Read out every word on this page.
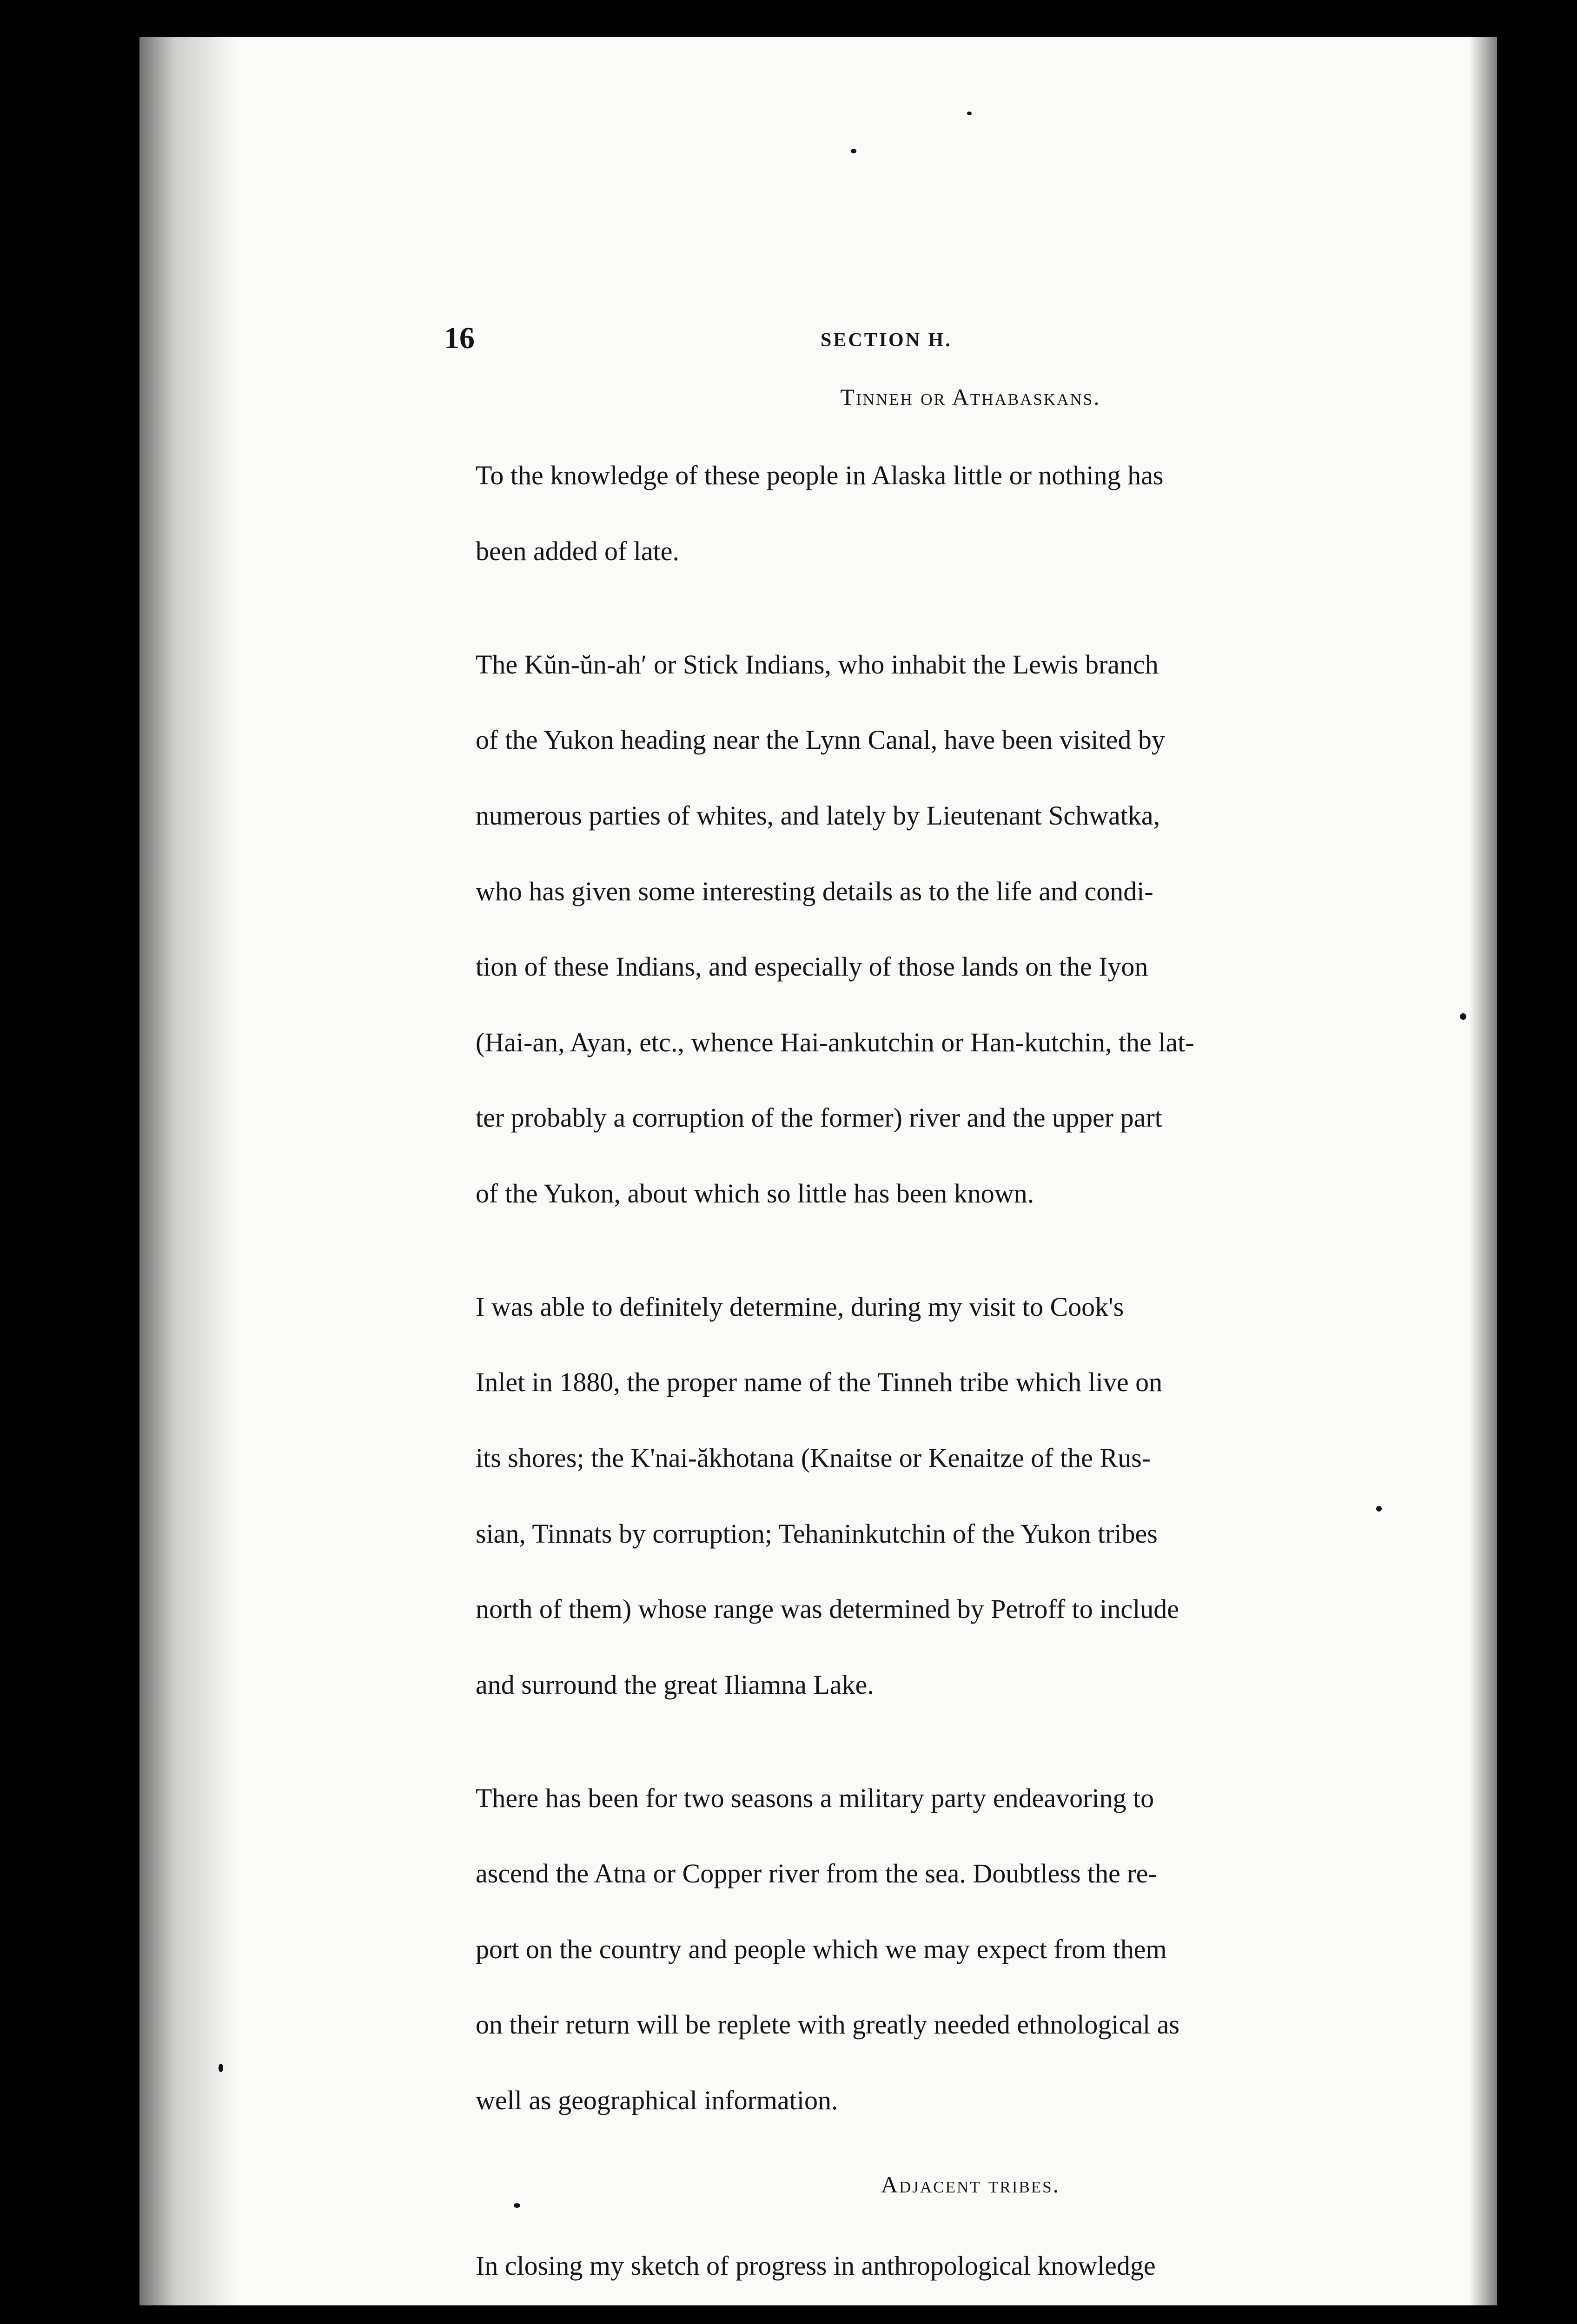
16	SECTION H.

Tinneh or Athabaskans.

To the knowledge of these people in Alaska little or nothing has

been added of late.

The Kŭn-ŭn-ah′ or Stick Indians, who inhabit the Lewis branch

of the Yukon heading near the Lynn Canal, have been visited by

numerous parties of whites, and lately by Lieutenant Schwatka,

who has given some interesting details as to the life and condi-

tion of these Indians, and especially of those lands on the Iyon

(Hai-an, Ayan, etc., whence Hai-ankutchin or Han-kutchin, the lat-

ter probably a corruption of the former) river and the upper part

of the Yukon, about which so little has been known.

I was able to definitely determine, during my visit to Cook's

Inlet in 1880, the proper name of the Tinneh tribe which live on

its shores; the K'nai-ăkhotana (Knaitse or Kenaitze of the Rus-

sian, Tinnats by corruption; Tehaninkutchin of the Yukon tribes

north of them) whose range was determined by Petroff to include

and surround the great Iliamna Lake.

There has been for two seasons a military party endeavoring to

ascend the Atna or Copper river from the sea. Doubtless the re-

port on the country and people which we may expect from them

on their return will be replete with greatly needed ethnological as

well as geographical information.

Adjacent tribes.

In closing my sketch of progress in anthropological knowledge
